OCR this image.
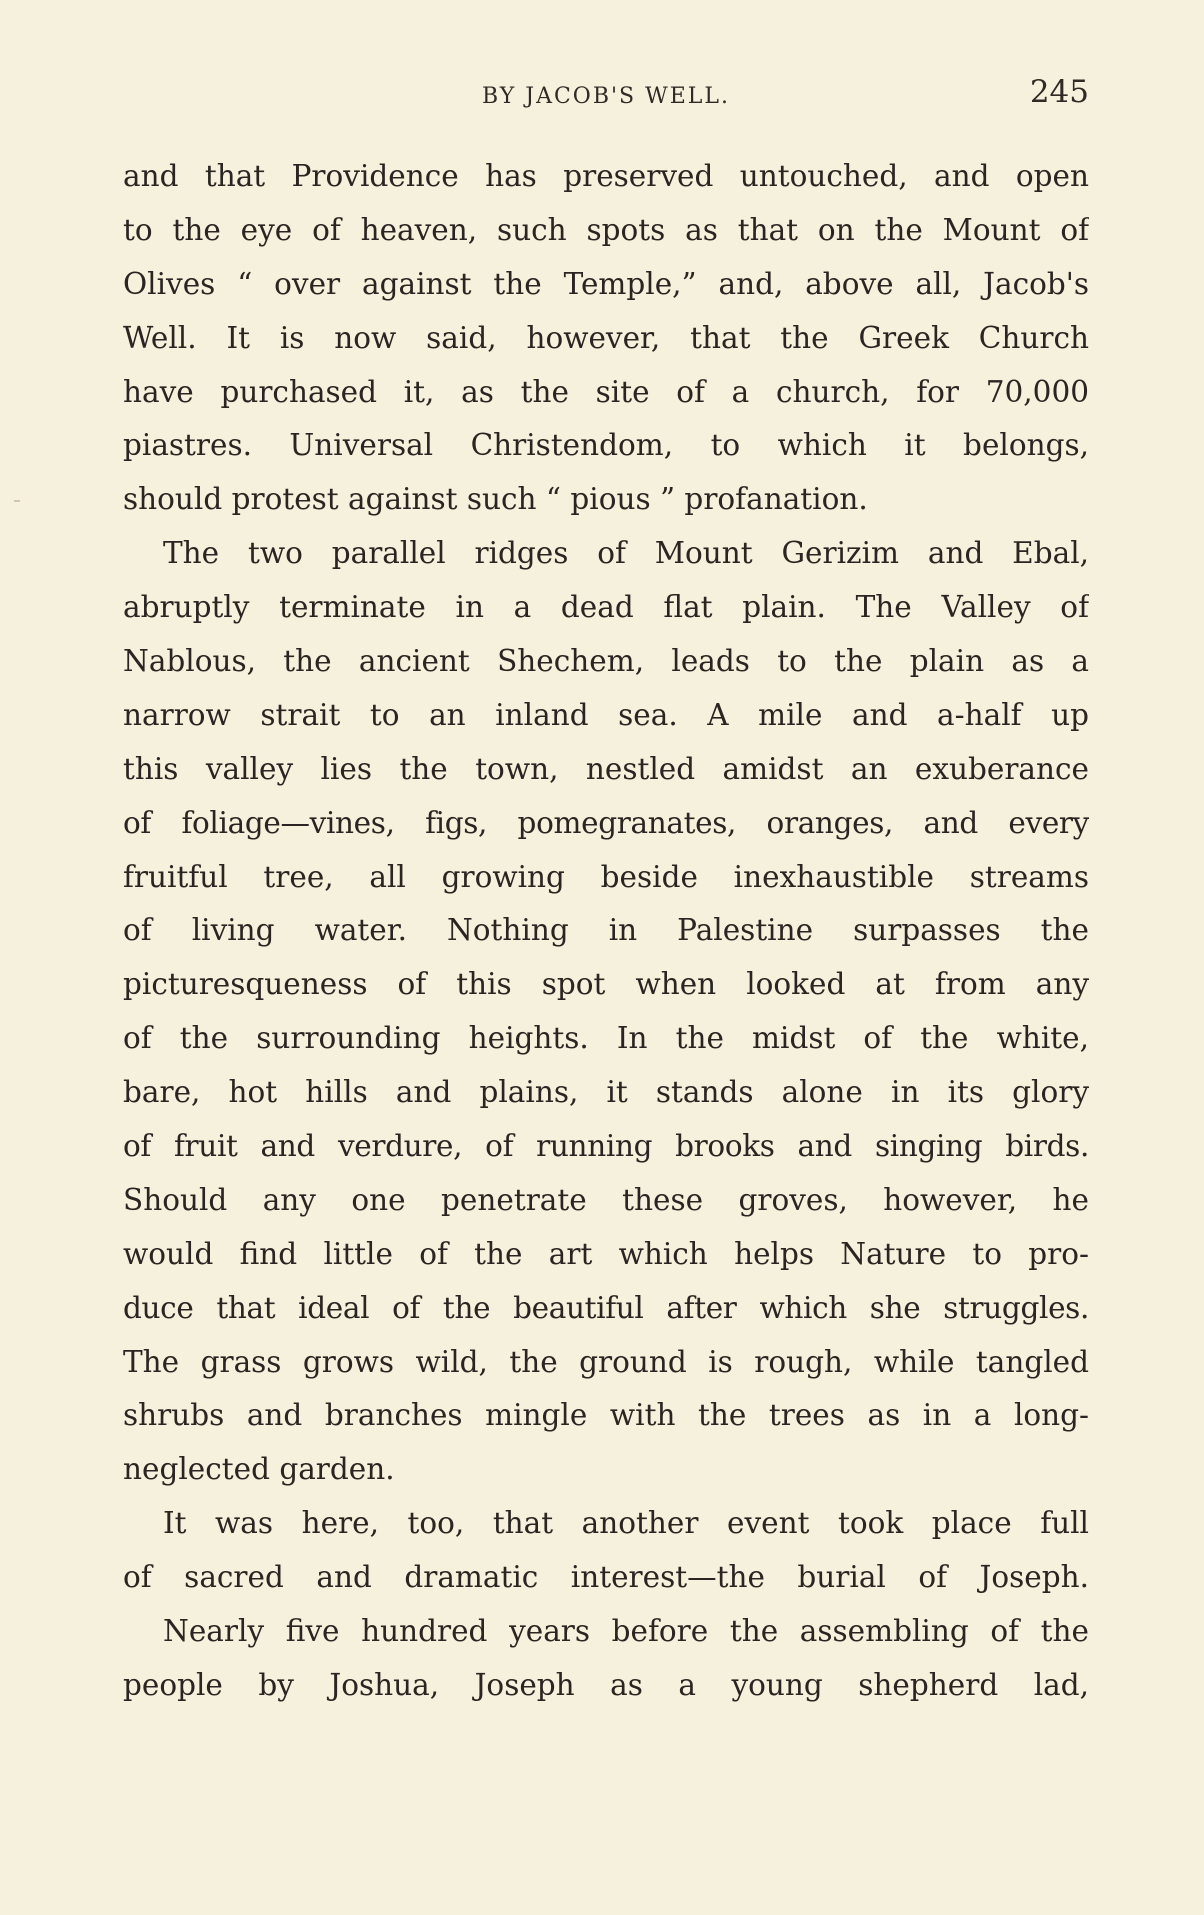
BY JACOB'S WELL.	245
and that Providence has preserved untouched, and open
to the eye of heaven, such spots as that on the Mount of
Olives “ over against the Temple,” and, above all, Jacob's
Well. It is now said, however, that the Greek Church
have purchased it, as the site of a church, for 70,000
piastres. Universal Christendom, to which it belongs,
should protest against such “ pious ” profanation.
The two parallel ridges of Mount Gerizim and Ebal,
abruptly terminate in a dead flat plain. The Valley of
Nablous, the ancient Shechem, leads to the plain as a
narrow strait to an inland sea. A mile and a-half up
this valley lies the town, nestled amidst an exuberance
of foliage—vines, figs, pomegranates, oranges, and every
fruitful tree, all growing beside inexhaustible streams
of living water. Nothing in Palestine surpasses the
picturesqueness of this spot when looked at from any
of the surrounding heights. In the midst of the white,
bare, hot hills and plains, it stands alone in its glory
of fruit and verdure, of running brooks and singing birds.
Should any one penetrate these groves, however, he
would find little of the art which helps Nature to pro-
duce that ideal of the beautiful after which she struggles.
The grass grows wild, the ground is rough, while tangled
shrubs and branches mingle with the trees as in a long-
neglected garden.
It was here, too, that another event took place full
of sacred and dramatic interest—the burial of Joseph.
Nearly five hundred years before the assembling of the
people by Joshua, Joseph as a young shepherd lad,
